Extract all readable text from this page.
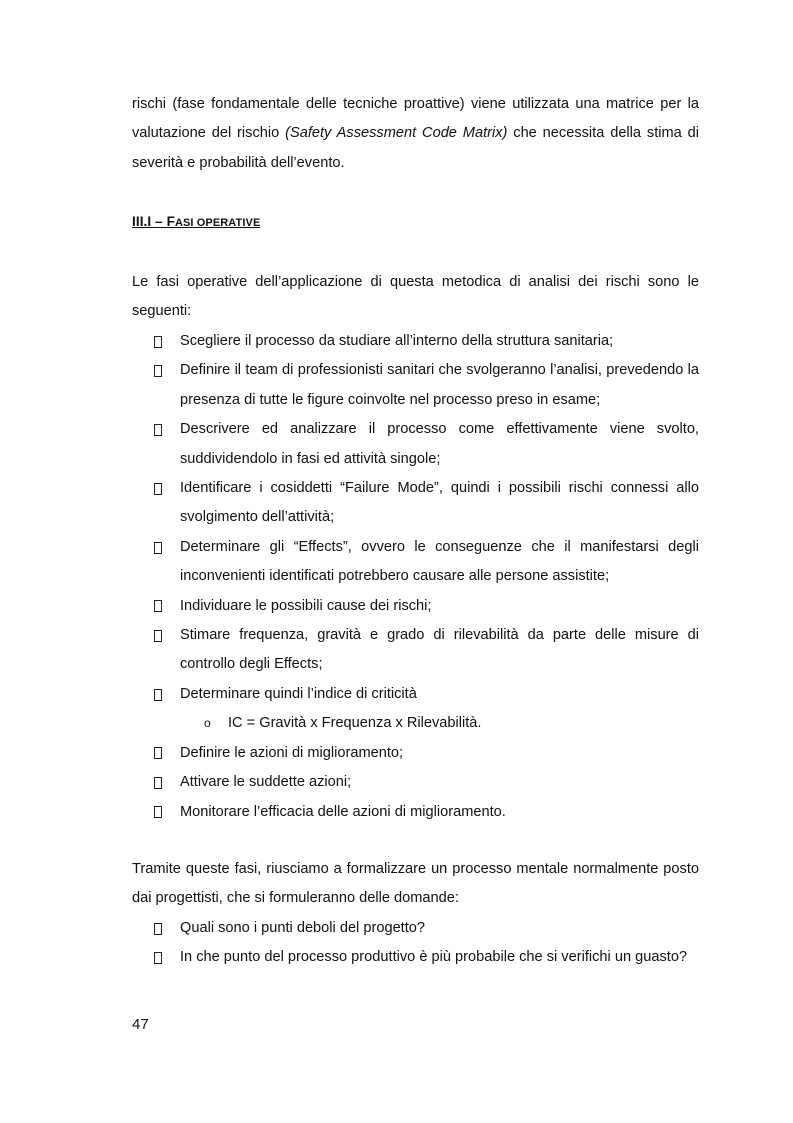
rischi (fase fondamentale delle tecniche proattive) viene utilizzata una matrice per la
valutazione del rischio (Safety Assessment Code Matrix) che necessita della stima di
severità e probabilità dell’evento.
III.I – FASI OPERATIVE
Le fasi operative dell’applicazione di questa metodica di analisi dei rischi sono le
seguenti:
Scegliere il processo da studiare all’interno della struttura sanitaria;
Definire il team di professionisti sanitari che svolgeranno l’analisi, prevedendo la
presenza di tutte le figure coinvolte nel processo preso in esame;
Descrivere ed analizzare il processo come effettivamente viene svolto,
suddividendolo in fasi ed attività singole;
Identificare i cosiddetti “Failure Mode”, quindi i possibili rischi connessi allo
svolgimento dell’attività;
Determinare gli “Effects”, ovvero le conseguenze che il manifestarsi degli
inconvenienti identificati potrebbero causare alle persone assistite;
Individuare le possibili cause dei rischi;
Stimare frequenza, gravità e grado di rilevabilità da parte delle misure di
controllo degli Effects;
Determinare quindi l’indice di criticità
o IC = Gravità x Frequenza x Rilevabilità.
Definire le azioni di miglioramento;
Attivare le suddette azioni;
Monitorare l’efficacia delle azioni di miglioramento.
Tramite queste fasi, riusciamo a formalizzare un processo mentale normalmente posto
dai progettisti, che si formuleranno delle domande:
Quali sono i punti deboli del progetto?
In che punto del processo produttivo è più probabile che si verifichi un guasto?
47
